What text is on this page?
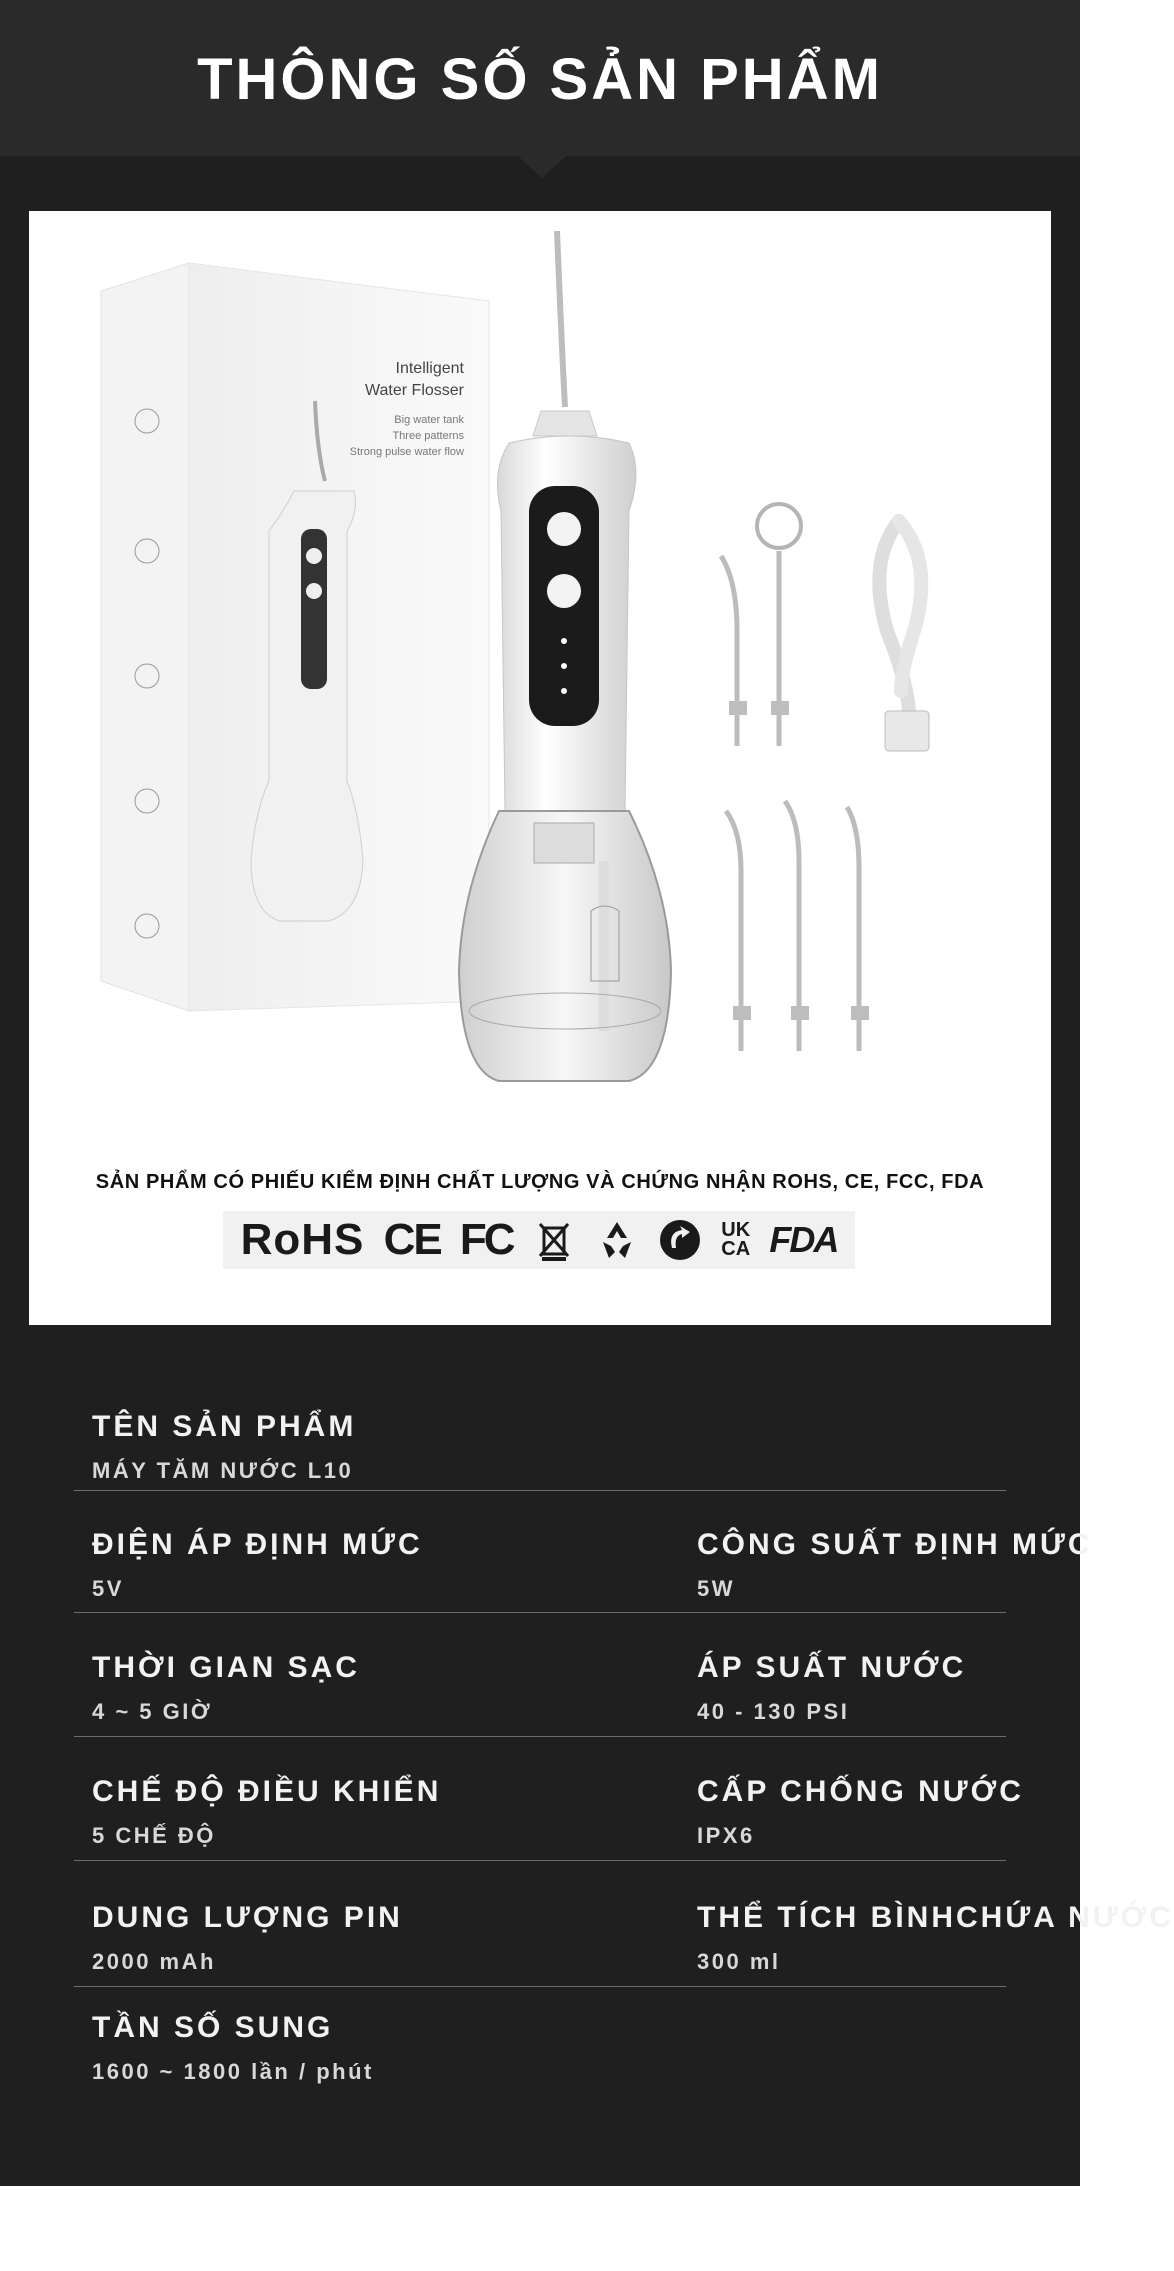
THÔNG SỐ SẢN PHẨM
Intelligent
Water Flosser
Big water tank
Three patterns
Strong pulse water flow
SẢN PHẨM CÓ PHIẾU KIỂM ĐỊNH CHẤT LƯỢNG VÀ CHỨNG NHẬN ROHS, CE, FCC, FDA
RoHS CE FC	UK
CA FDA
TÊN SẢN PHẨM
MÁY TĂM NƯỚC L10
ĐIỆN ÁP ĐỊNH MỨC
5V
CÔNG SUẤT ĐỊNH MỨC
5W
THỜI GIAN SẠC
4 ~ 5 GIỜ
ÁP SUẤT NƯỚC
40 - 130 PSI
CHẾ ĐỘ ĐIỀU KHIỂN
5 CHẾ ĐỘ
CẤP CHỐNG NƯỚC
IPX6
DUNG LƯỢNG PIN
2000 mAh
THỂ TÍCH BÌNHCHỨA NƯỚC
300 ml
TẦN SỐ SUNG
1600 ~ 1800 lần / phút
